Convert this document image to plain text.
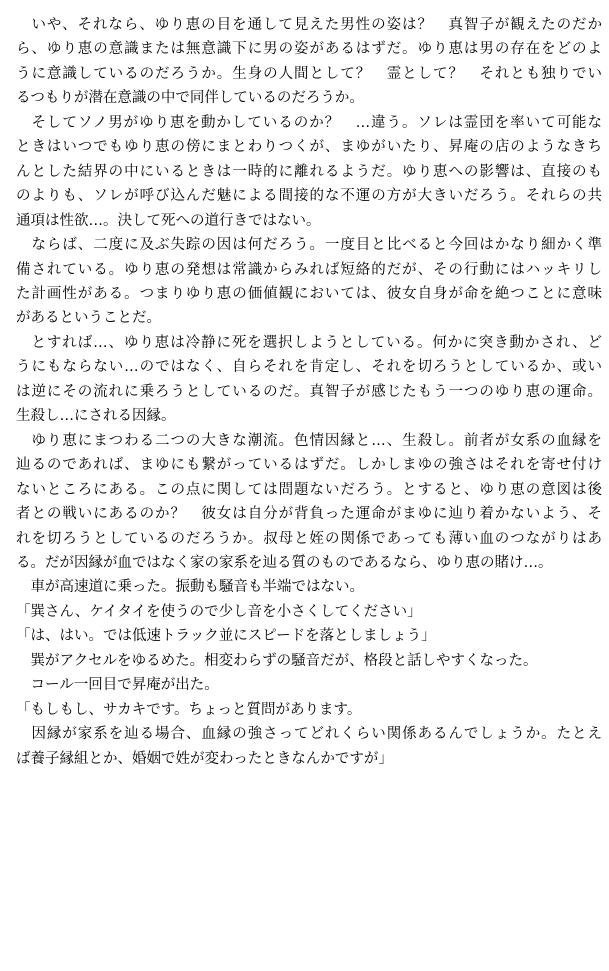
　いや、それなら、ゆり恵の目を通して見えた男性の姿は？　真智子が観えたのだか
ら、ゆり恵の意識または無意識下に男の姿があるはずだ。ゆり恵は男の存在をどのよ
うに意識しているのだろうか。生身の人間として？　霊として？　それとも独りでい
るつもりが潜在意識の中で同伴しているのだろうか。
　そしてソノ男がゆり恵を動かしているのか？　…違う。ソレは霊団を率いて可能な
ときはいつでもゆり恵の傍にまとわりつくが、まゆがいたり、昇庵の店のようなきち
んとした結界の中にいるときは一時的に離れるようだ。ゆり恵への影響は、直接のも
のよりも、ソレが呼び込んだ魅による間接的な不運の方が大きいだろう。それらの共
通項は性欲…。決して死への道行きではない。
　ならば、二度に及ぶ失踪の因は何だろう。一度目と比べると今回はかなり細かく準
備されている。ゆり恵の発想は常識からみれば短絡的だが、その行動にはハッキリし
た計画性がある。つまりゆり恵の価値観においては、彼女自身が命を絶つことに意味
があるということだ。
　とすれば…、ゆり恵は冷静に死を選択しようとしている。何かに突き動かされ、ど
うにもならない…のではなく、自らそれを肯定し、それを切ろうとしているか、或い
は逆にその流れに乗ろうとしているのだ。真智子が感じたもう一つのゆり恵の運命。
生殺し…にされる因縁。
　ゆり恵にまつわる二つの大きな潮流。色情因縁と…、生殺し。前者が女系の血縁を
辿るのであれば、まゆにも繋がっているはずだ。しかしまゆの強さはそれを寄せ付け
ないところにある。この点に関しては問題ないだろう。とすると、ゆり恵の意図は後
者との戦いにあるのか？　彼女は自分が背負った運命がまゆに辿り着かないよう、そ
れを切ろうとしているのだろうか。叔母と姪の関係であっても薄い血のつながりはあ
る。だが因縁が血ではなく家の家系を辿る質のものであるなら、ゆり恵の賭け…。
　車が高速道に乗った。振動も騒音も半端ではない。
「巽さん、ケイタイを使うので少し音を小さくしてください」
「は、はい。では低速トラック並にスピードを落としましょう」
　巽がアクセルをゆるめた。相変わらずの騒音だが、格段と話しやすくなった。
　コール一回目で昇庵が出た。
「もしもし、サカキです。ちょっと質問があります。
　因縁が家系を辿る場合、血縁の強さってどれくらい関係あるんでしょうか。たとえ
ば養子縁組とか、婚姻で姓が変わったときなんかですが」
